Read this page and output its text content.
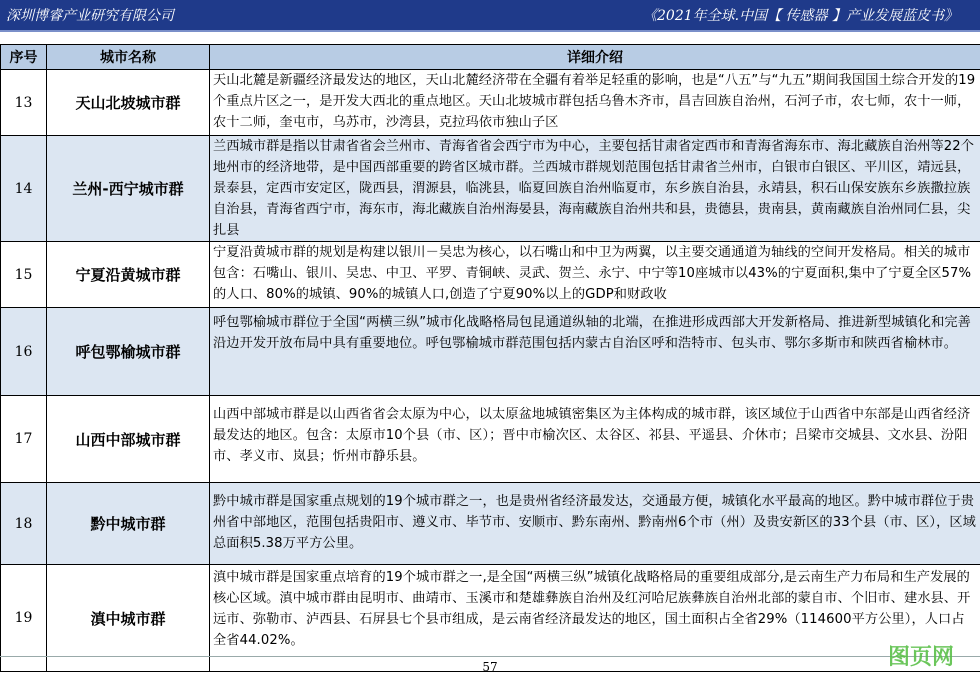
深圳博睿产业研究有限公司	《2021年全球.中国【 传感器 】产业发展蓝皮书》
序号	城市名称	详细介绍
13	天山北坡城市群	天山北麓是新疆经济最发达的地区，天山北麓经济带在全疆有着举足轻重的影响，也是“八五”与“九五”期间我国国土综合开发的19个重点片区之一，是开发大西北的重点地区。天山北坡城市群包括乌鲁木齐市，昌吉回族自治州，石河子市，农七师，农十一师，农十二师，奎屯市，乌苏市，沙湾县，克拉玛依市独山子区
14	兰州-西宁城市群	兰西城市群是指以甘肃省省会兰州市、青海省省会西宁市为中心，主要包括甘肃省定西市和青海省海东市、海北藏族自治州等22个地州市的经济地带，是中国西部重要的跨省区城市群。兰西城市群规划范围包括甘肃省兰州市，白银市白银区、平川区，靖远县，景泰县，定西市安定区，陇西县，渭源县，临洮县，临夏回族自治州临夏市，东乡族自治县，永靖县，积石山保安族东乡族撒拉族自治县，青海省西宁市，海东市，海北藏族自治州海晏县，海南藏族自治州共和县，贵德县，贵南县，黄南藏族自治州同仁县，尖扎县
15	宁夏沿黄城市群	宁夏沿黄城市群的规划是构建以银川－吴忠为核心，以石嘴山和中卫为两翼，以主要交通通道为轴线的空间开发格局。相关的城市包含：石嘴山、银川、吴忠、中卫、平罗、青铜峡、灵武、贺兰、永宁、中宁等10座城市以43%的宁夏面积,集中了宁夏全区57%的人口、80%的城镇、90%的城镇人口,创造了宁夏90%以上的GDP和财政收
16	呼包鄂榆城市群	呼包鄂榆城市群位于全国“两横三纵”城市化战略格局包昆通道纵轴的北端，在推进形成西部大开发新格局、推进新型城镇化和完善沿边开发开放布局中具有重要地位。呼包鄂榆城市群范围包括内蒙古自治区呼和浩特市、包头市、鄂尔多斯市和陕西省榆林市。
17	山西中部城市群	山西中部城市群是以山西省省会太原为中心，以太原盆地城镇密集区为主体构成的城市群，该区域位于山西省中东部是山西省经济最发达的地区。包含：太原市10个县（市、区）；晋中市榆次区、太谷区、祁县、平遥县、介休市；吕梁市交城县、文水县、汾阳市、孝义市、岚县；忻州市静乐县。
18	黔中城市群	黔中城市群是国家重点规划的19个城市群之一，也是贵州省经济最发达，交通最方便，城镇化水平最高的地区。黔中城市群位于贵州省中部地区，范围包括贵阳市、遵义市、毕节市、安顺市、黔东南州、黔南州6个市（州）及贵安新区的33个县（市、区），区域总面积5.38万平方公里。
19	滇中城市群	滇中城市群是国家重点培育的19个城市群之一,是全国“两横三纵”城镇化战略格局的重要组成部分,是云南生产力布局和生产发展的核心区域。滇中城市群由昆明市、曲靖市、玉溪市和楚雄彝族自治州及红河哈尼族彝族自治州北部的蒙自市、个旧市、建水县、开远市、弥勒市、泸西县、石屏县七个县市组成，是云南省经济最发达的地区，国土面积占全省29%（114600平方公里），人口占全省44.02%。
57	图页网
